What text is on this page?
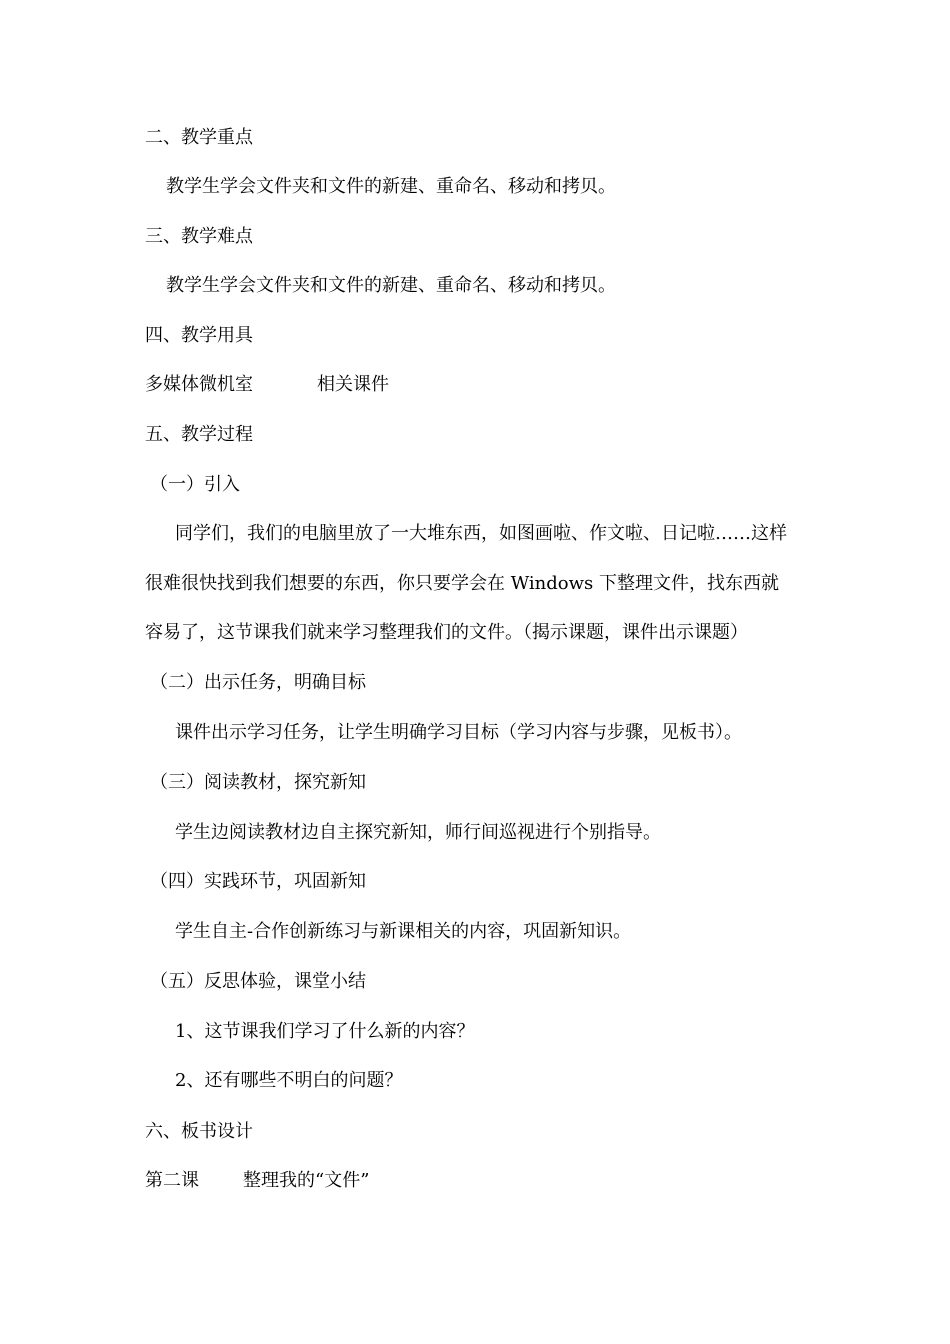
二、教学重点
教学生学会文件夹和文件的新建、重命名、移动和拷贝。
三、教学难点
教学生学会文件夹和文件的新建、重命名、移动和拷贝。
四、教学用具
多媒体微机室	相关课件
五、教学过程
（一）引入
同学们，我们的电脑里放了一大堆东西，如图画啦、作文啦、日记啦……这样
很难很快找到我们想要的东西，你只要学会在 Windows 下整理文件，找东西就
容易了，这节课我们就来学习整理我们的文件。（揭示课题，课件出示课题）
（二）出示任务，明确目标
课件出示学习任务，让学生明确学习目标（学习内容与步骤，见板书）。
（三）阅读教材，探究新知
学生边阅读教材边自主探究新知，师行间巡视进行个别指导。
（四）实践环节，巩固新知
学生自主-合作创新练习与新课相关的内容，巩固新知识。
（五）反思体验，课堂小结
1、这节课我们学习了什么新的内容？
2、还有哪些不明白的问题？
六、板书设计
第二课 整理我的“文件”
